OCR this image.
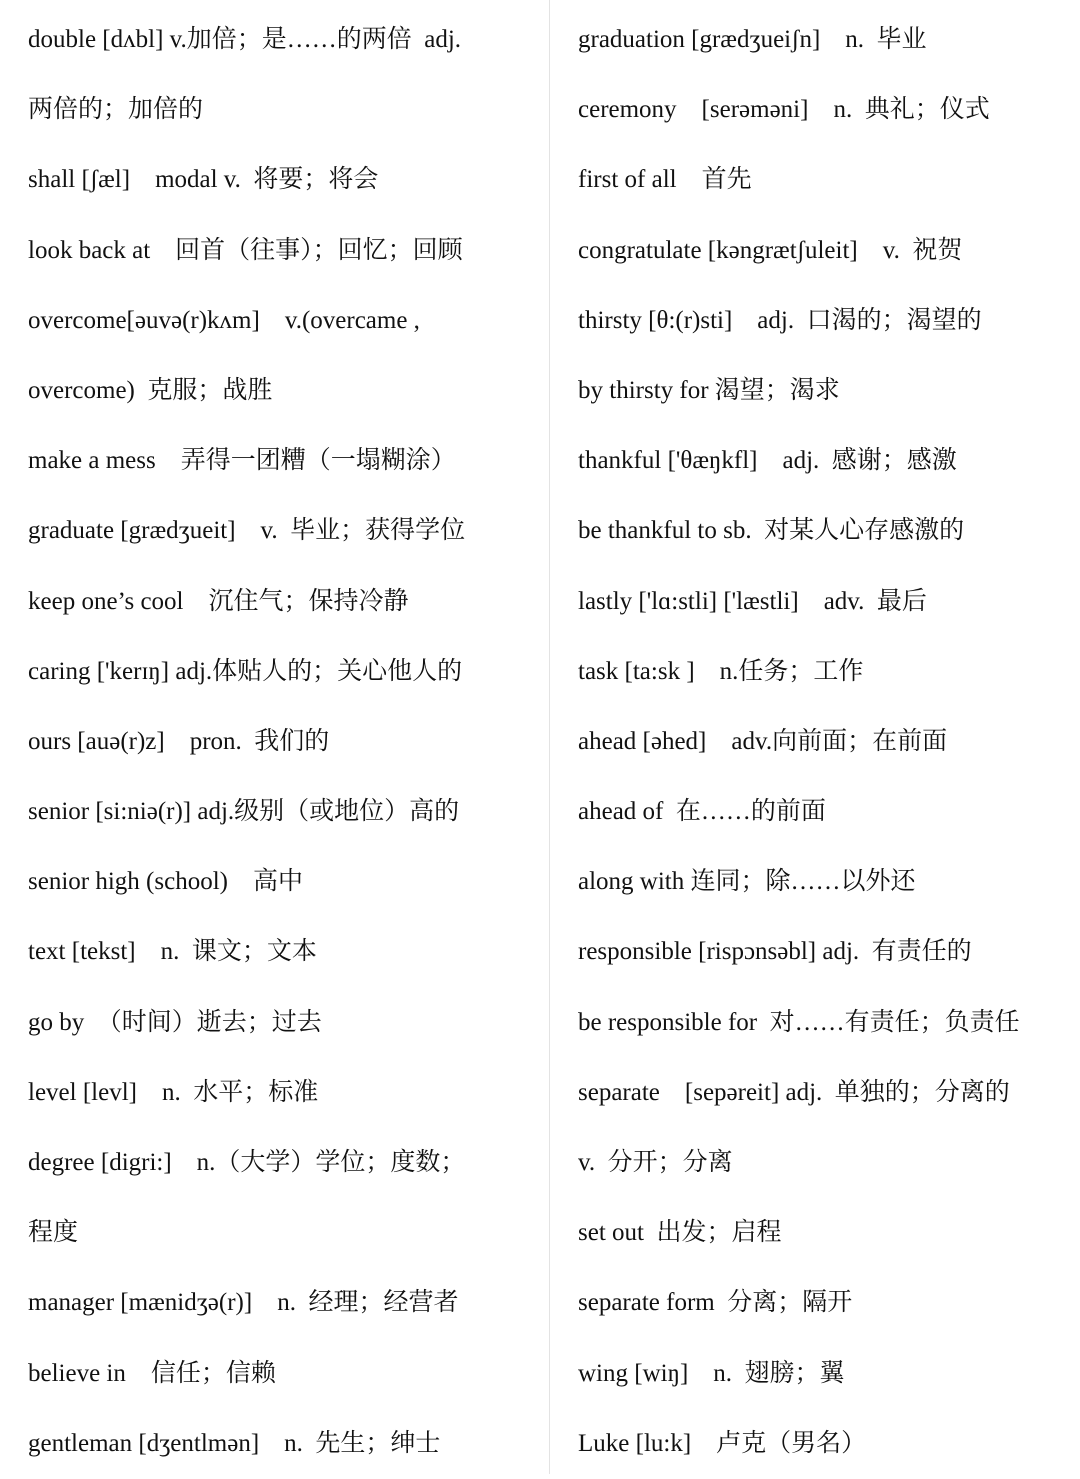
double [dʌbl] v.加倍；是……的两倍  adj.
两倍的；加倍的
shall [ʃæl]    modal v.  将要；将会
look back at    回首（往事）；回忆；回顾
overcome[əuvə(r)kʌm]    v.(overcame ,
overcome)  克服；战胜
make a mess    弄得一团糟（一塌糊涂）
graduate [grædʒueit]    v.  毕业；获得学位
keep one’s cool    沉住气；保持冷静
caring ['kerɪŋ] adj.体贴人的；关心他人的
ours [auə(r)z]    pron.  我们的
senior [si:niə(r)] adj.级别（或地位）高的
senior high (school)    高中
text [tekst]    n.  课文；文本
go by  （时间）逝去；过去
level [levl]    n.  水平；标准
degree [digri:]    n.（大学）学位；度数；
程度
manager [mænidʒə(r)]    n.  经理；经营者
believe in    信任；信赖
gentleman [dʒentlmən]    n.  先生；绅士
graduation [grædʒueiʃn]    n.  毕业
ceremony    [serəməni]    n.  典礼；仪式
first of all    首先
congratulate [kəngrætʃuleit]    v.  祝贺
thirsty [θ:(r)sti]    adj.  口渴的；渴望的
by thirsty for 渴望；渴求
thankful ['θæŋkfl]    adj.  感谢；感激
be thankful to sb.  对某人心存感激的
lastly ['lɑ:stli] ['læstli]    adv.  最后
task [ta:sk ]    n.任务；工作
ahead [əhed]    adv.向前面；在前面
ahead of  在……的前面
along with 连同；除……以外还
responsible [rispɔnsəbl] adj.  有责任的
be responsible for  对……有责任；负责任
separate    [sepəreit] adj.  单独的；分离的
v.  分开；分离
set out  出发；启程
separate form  分离；隔开
wing [wiŋ]    n.  翅膀；翼
Luke [lu:k]    卢克（男名）
